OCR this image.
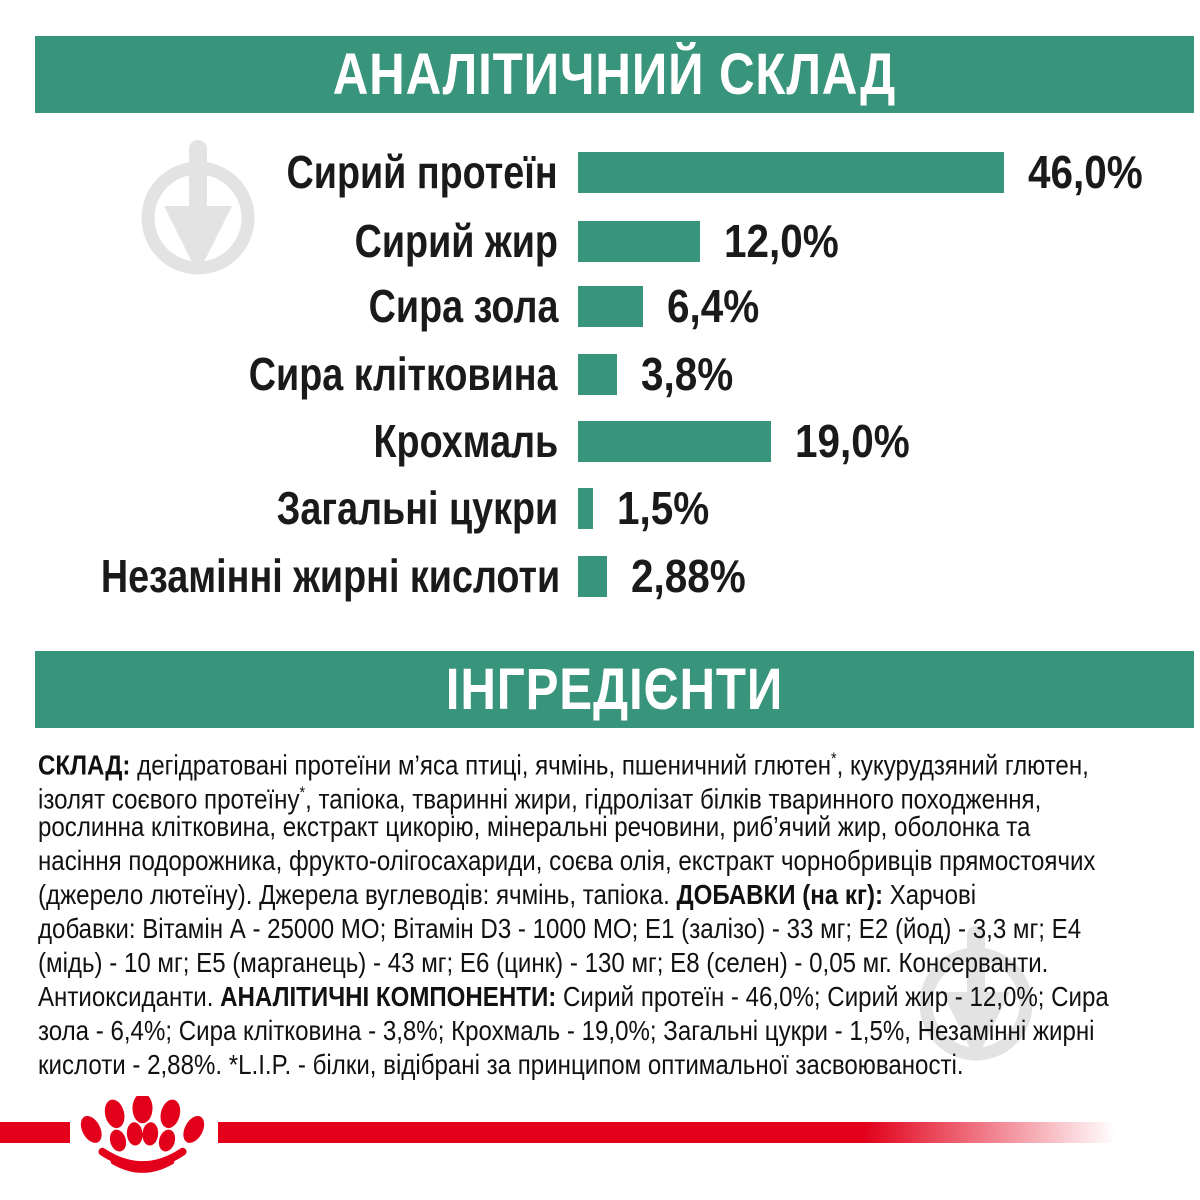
АНАЛІТИЧНИЙ СКЛАД
Сирий протеїн	46,0%
Сирий жир	12,0%
Сира зола	6,4%
Сира клітковина	3,8%
Крохмаль	19,0%
Загальні цукри	1,5%
Незамінні жирні кислоти	2,88%
ІНГРЕДІЄНТИ
СКЛАД: дегідратовані протеїни м’яса птиці, ячмінь, пшеничний глютен*, кукурудзяний глютен,
ізолят соєвого протеїну*, тапіока, тваринні жири, гідролізат білків тваринного походження,
рослинна клітковина, екстракт цикорію, мінеральні речовини, риб’ячий жир, оболонка та
насіння подорожника, фрукто-олігосахариди, соєва олія, екстракт чорнобривців прямостоячих
(джерело лютеїну). Джерела вуглеводів: ячмінь, тапіока. ДОБАВКИ (на кг): Харчові
добавки: Вітамін А - 25000 МО; Вітамін D3 - 1000 МО; Е1 (залізо) - 33 мг; Е2 (йод) - 3,3 мг; Е4
(мідь) - 10 мг; Е5 (марганець) - 43 мг; Е6 (цинк) - 130 мг; Е8 (селен) - 0,05 мг. Консерванти.
Антиоксиданти. АНАЛІТИЧНІ КОМПОНЕНТИ: Сирий протеїн - 46,0%; Сирий жир - 12,0%; Сира
зола - 6,4%; Сира клітковина - 3,8%; Крохмаль - 19,0%; Загальні цукри - 1,5%, Незамінні жирні
кислоти - 2,88%. *L.I.P. - білки, відібрані за принципом оптимальної засвоюваності.
